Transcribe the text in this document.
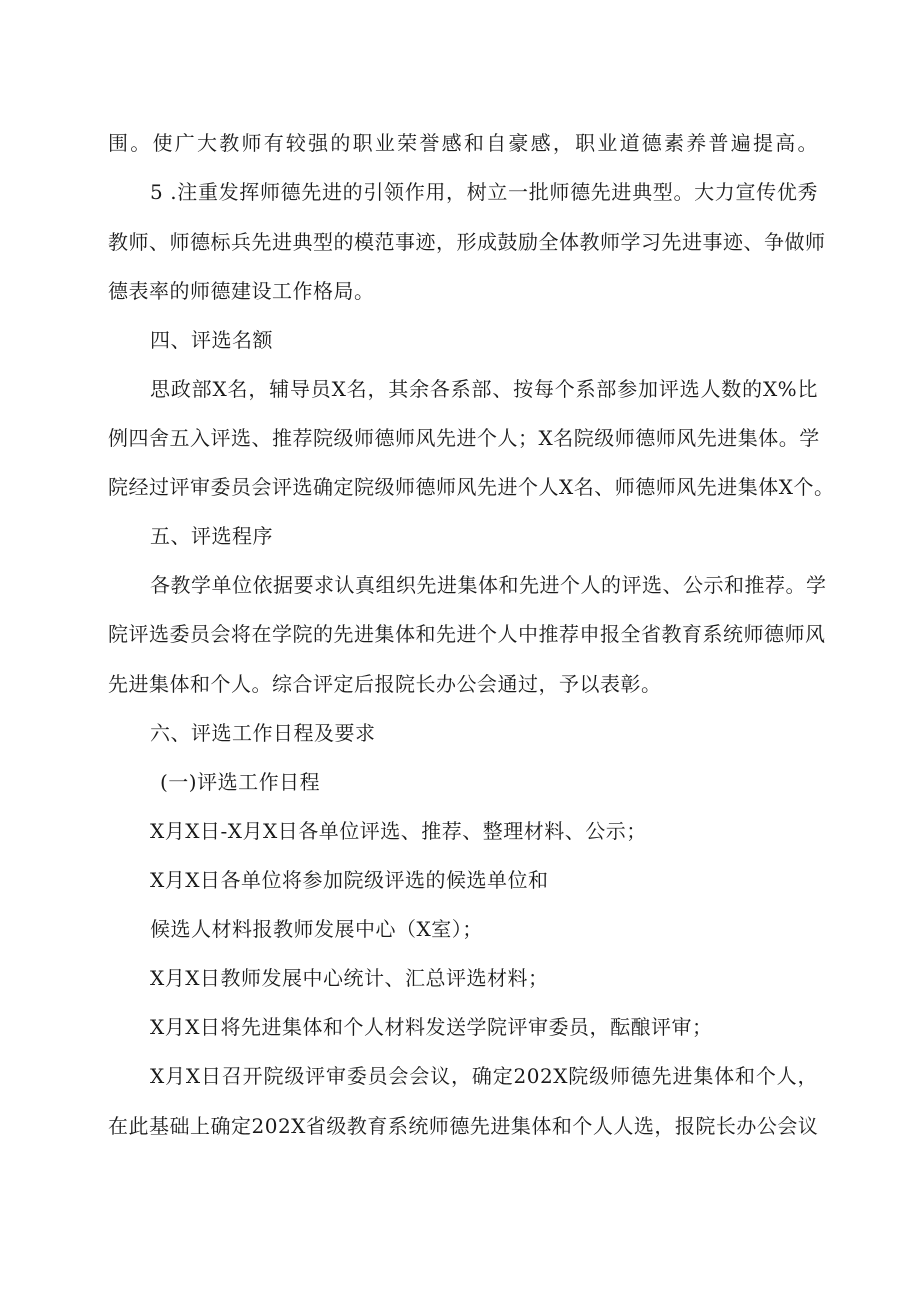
围。使广大教师有较强的职业荣誉感和自豪感，职业道德素养普遍提高。
5 .注重发挥师德先进的引领作用，树立一批师德先进典型。大力宣传优秀
教师、师德标兵先进典型的模范事迹，形成鼓励全体教师学习先进事迹、争做师
德表率的师德建设工作格局。
四、评选名额
思政部X名，辅导员X名，其余各系部、按每个系部参加评选人数的X%比
例四舍五入评选、推荐院级师德师风先进个人；X名院级师德师风先进集体。学
院经过评审委员会评选确定院级师德师风先进个人X名、师德师风先进集体X个。
五、评选程序
各教学单位依据要求认真组织先进集体和先进个人的评选、公示和推荐。学
院评选委员会将在学院的先进集体和先进个人中推荐申报全省教育系统师德师风
先进集体和个人。综合评定后报院长办公会通过，予以表彰。
六、评选工作日程及要求
(一)评选工作日程
X月X日-X月X日各单位评选、推荐、整理材料、公示；
X月X日各单位将参加院级评选的候选单位和
候选人材料报教师发展中心（X室）；
X月X日教师发展中心统计、汇总评选材料；
X月X日将先进集体和个人材料发送学院评审委员，酝酿评审；
X月X日召开院级评审委员会会议，确定202X院级师德先进集体和个人，
在此基础上确定202X省级教育系统师德先进集体和个人人选，报院长办公会议
